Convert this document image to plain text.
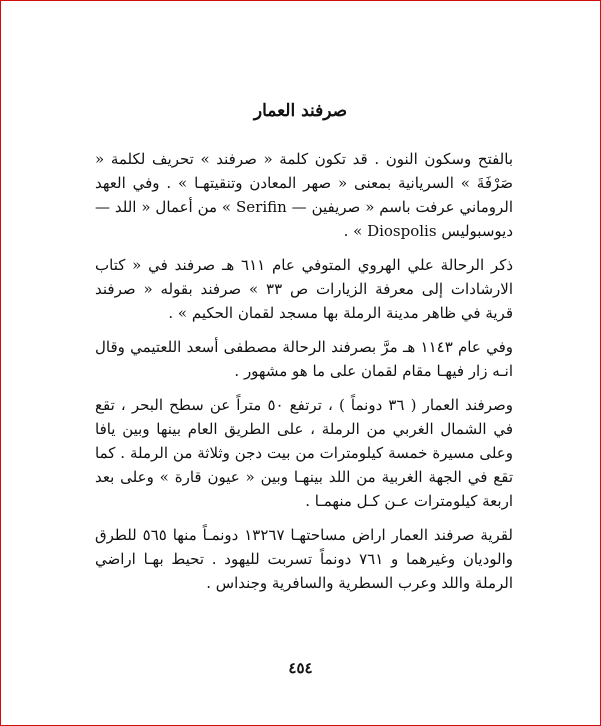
صرفند العمار

بالفتح وسكون النون . قد تكون كلمة « صرفند » تحريف لكلمة « صَرْفَةَ » السريانية بمعنى « صهر المعادن وتنقيتهـا » . وفي العهد الروماني عرفت باسم « صريفين — Serifin » من أعمال « اللد — ديوسبوليس Diospolis » .

ذكر الرحالة علي الهروي المتوفي عام ٦١١ هـ صرفند في « كتاب الارشادات إلى معرفة الزيارات ص ٣٣ » صرفند بقوله « صرفند قرية في ظاهر مدينة الرملة بها مسجد لقمان الحكيم » .

وفي عام ١١٤٣ هـ مرَّ بصرفند الرحالة مصطفى أسعد اللعتيمي وقال انـه زار فيهـا مقام لقمان على ما هو مشهور .

وصرفند العمار ( ٣٦ دونماً ) ، ترتفع ٥٠ متراً عن سطح البحر ، تقع في الشمال الغربي من الرملة ، على الطريق العام بينها وبين يافا وعلى مسيرة خمسة كيلومترات من بيت دجن وثلاثة من الرملة . كما تقع في الجهة الغربية من اللد بينهـا وبين « عيون قارة » وعلى بعد اربعة كيلومترات عـن كـل منهمـا .

لقرية صرفند العمار اراض مساحتهـا ١٣٢٦٧ دونمـاً منها ٥٦٥ للطرق والوديان وغيرهما و ٧٦١ دونماً تسربت لليهود . تحيط بهـا اراضي الرملة واللد وعرب السطرية والسافرية وجنداس .

٤٥٤
